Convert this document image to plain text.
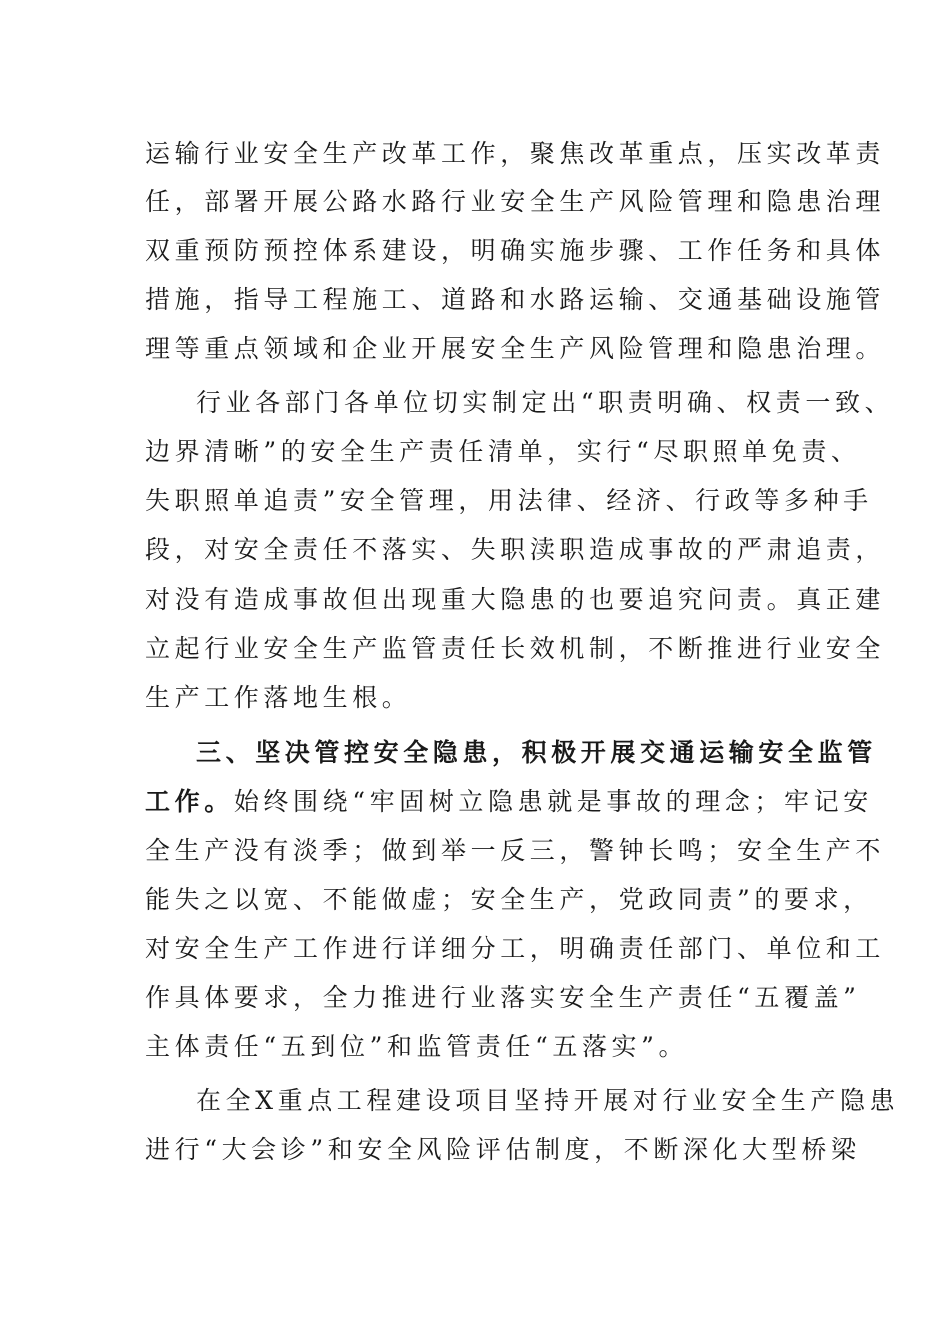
运输行业安全生产改革工作，聚焦改革重点，压实改革责
任，部署开展公路水路行业安全生产风险管理和隐患治理
双重预防预控体系建设，明确实施步骤、工作任务和具体
措施，指导工程施工、道路和水路运输、交通基础设施管
理等重点领域和企业开展安全生产风险管理和隐患治理。
行业各部门各单位切实制定出“职责明确、权责一致、
边界清晰”的安全生产责任清单，实行“尽职照单免责、
失职照单追责”安全管理，用法律、经济、行政等多种手
段，对安全责任不落实、失职渎职造成事故的严肃追责，
对没有造成事故但出现重大隐患的也要追究问责。真正建
立起行业安全生产监管责任长效机制，不断推进行业安全
生产工作落地生根。
三、坚决管控安全隐患，积极开展交通运输安全监管
工作。始终围绕“牢固树立隐患就是事故的理念；牢记安
全生产没有淡季；做到举一反三，警钟长鸣；安全生产不
能失之以宽、不能做虚；安全生产，党政同责”的要求，
对安全生产工作进行详细分工，明确责任部门、单位和工
作具体要求，全力推进行业落实安全生产责任“五覆盖”
主体责任“五到位”和监管责任“五落实”。
在全X重点工程建设项目坚持开展对行业安全生产隐患
进行“大会诊”和安全风险评估制度，不断深化大型桥梁
